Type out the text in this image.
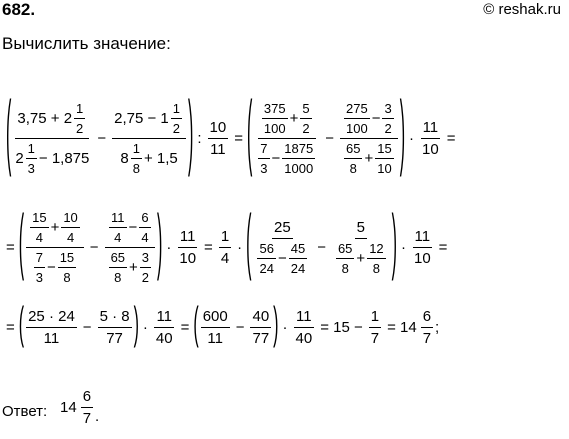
682.	© reshak.ru
Вычислить значение:
( $\frac{3,75 + 2 \frac{1}{2}}{2 \frac{1}{3} - 1,875} - \frac{2,75 - 1 \frac{1}{2}}{8 \frac{1}{8} + 1,5}$ ) : $\frac{10}{11}$ = ( $\frac{\frac{375}{100} + \frac{5}{2}}{\frac{7}{3} - \frac{1875}{1000}} - \frac{\frac{275}{100} - \frac{3}{2}}{\frac{65}{8} + \frac{15}{10}}$ ) · $\frac{11}{10}$ =
= ( $\frac{\frac{15}{4} + \frac{10}{4}}{\frac{7}{3} - \frac{15}{8}} - \frac{\frac{11}{4} - \frac{6}{4}}{\frac{65}{8} + \frac{3}{2}}$ ) · $\frac{11}{10} = \frac{1}{4}$ · ( $\frac{25}{\frac{56}{24} - \frac{45}{24}} - \frac{5}{\frac{65}{8} + \frac{12}{8}}$ ) · $\frac{11}{10}$ =
= ( $\frac{25 \cdot 24}{11} - \frac{5 \cdot 8}{77}$ ) · $\frac{11}{40}$ = ( $\frac{600}{11} - \frac{40}{77}$ ) · $\frac{11}{40} = 15 - \frac{1}{7} = 14 \frac{6}{7}$ ;
Ответ: $14 \frac{6}{7}$ .
